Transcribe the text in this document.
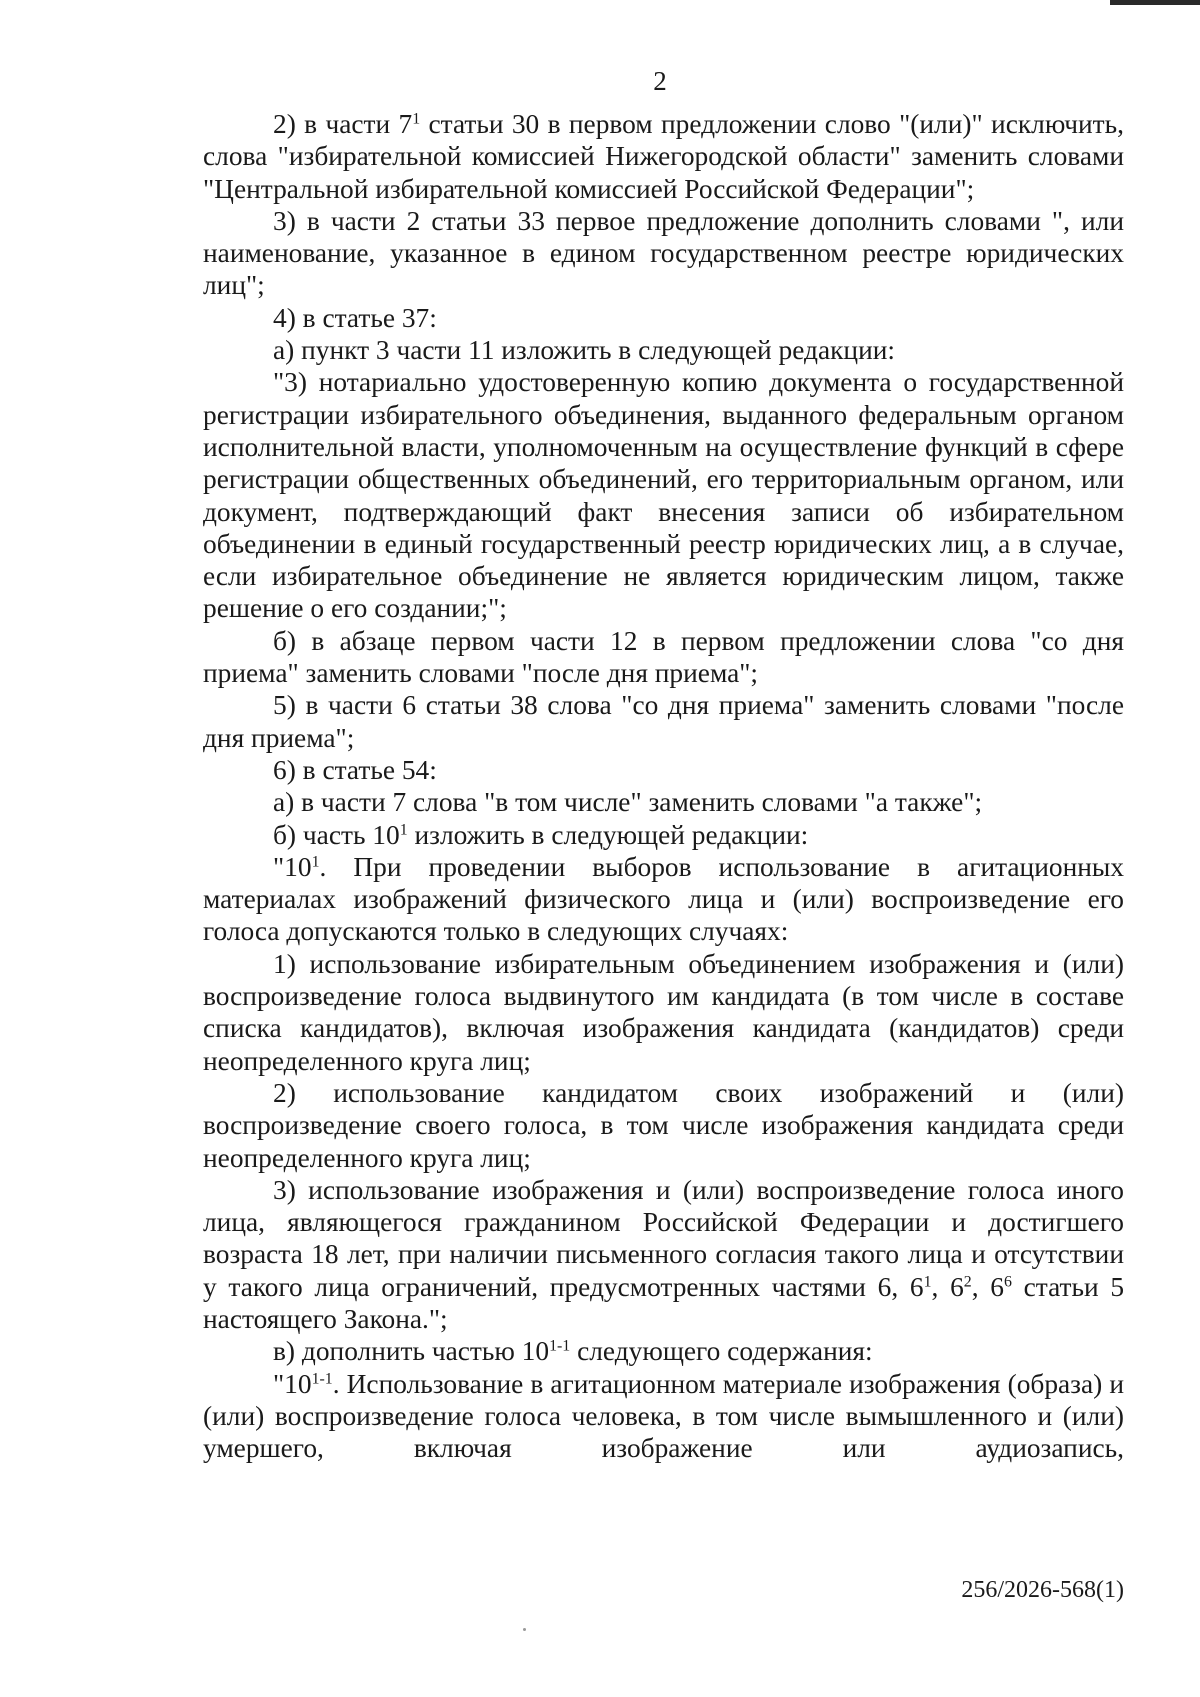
2

2) в части $7^1$ статьи 30 в первом предложении слово "(или)" исключить, слова "избирательной комиссией Нижегородской области" заменить словами "Центральной избирательной комиссией Российской Федерации";

3) в части 2 статьи 33 первое предложение дополнить словами ", или наименование, указанное в едином государственном реестре юридических лиц";

4) в статье 37:

а) пункт 3 части 11 изложить в следующей редакции:

"3) нотариально удостоверенную копию документа о государственной регистрации избирательного объединения, выданного федеральным органом исполнительной власти, уполномоченным на осуществление функций в сфере регистрации общественных объединений, его территориальным органом, или документ, подтверждающий факт внесения записи об избирательном объединении в единый государственный реестр юридических лиц, а в случае, если избирательное объединение не является юридическим лицом, также решение о его создании;";

б) в абзаце первом части 12 в первом предложении слова "со дня приема" заменить словами "после дня приема";

5) в части 6 статьи 38 слова "со дня приема" заменить словами "после дня приема";

6) в статье 54:

а) в части 7 слова "в том числе" заменить словами "а также";

б) часть $10^1$ изложить в следующей редакции:

"$10^1$. При проведении выборов использование в агитационных материалах изображений физического лица и (или) воспроизведение его голоса допускаются только в следующих случаях:

1) использование избирательным объединением изображения и (или) воспроизведение голоса выдвинутого им кандидата (в том числе в составе списка кандидатов), включая изображения кандидата (кандидатов) среди неопределенного круга лиц;

2) использование кандидатом своих изображений и (или) воспроизведение своего голоса, в том числе изображения кандидата среди неопределенного круга лиц;

3) использование изображения и (или) воспроизведение голоса иного лица, являющегося гражданином Российской Федерации и достигшего возраста 18 лет, при наличии письменного согласия такого лица и отсутствии у такого лица ограничений, предусмотренных частями 6, $6^1$, $6^2$, $6^6$ статьи 5 настоящего Закона.";

в) дополнить частью 10$^{1-1}$ следующего содержания:

"10$^{1-1}$. Использование в агитационном материале изображения (образа) и (или) воспроизведение голоса человека, в том числе вымышленного и (или) умершего, включая изображение или аудиозапись,

256/2026-568(1)
